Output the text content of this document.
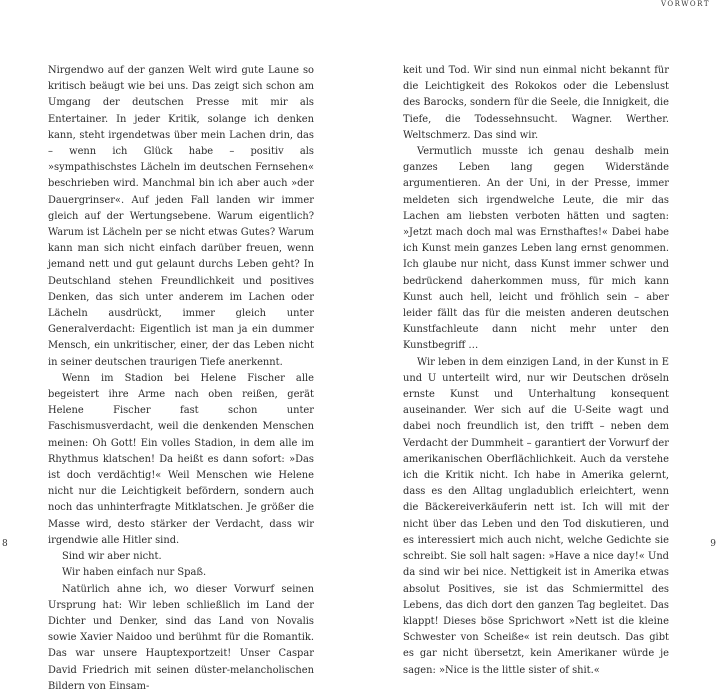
VORWORT

Nirgendwo auf der ganzen Welt wird gute Laune so kritisch beäugt wie bei uns. Das zeigt sich schon am Umgang der deutschen Presse mit mir als Entertainer. In jeder Kritik, solange ich denken kann, steht irgendetwas über mein Lachen drin, das – wenn ich Glück habe – positiv als »sympathischstes Lächeln im deutschen Fernsehen« beschrieben wird. Manchmal bin ich aber auch »der Dauergrinser«. Auf jeden Fall landen wir immer gleich auf der Wertungsebene. Warum eigentlich? Warum ist Lächeln per se nicht etwas Gutes? Warum kann man sich nicht einfach darüber freuen, wenn jemand nett und gut gelaunt durchs Leben geht? In Deutschland stehen Freundlichkeit und positives Denken, das sich unter anderem im Lachen oder Lächeln ausdrückt, immer gleich unter Generalverdacht: Eigentlich ist man ja ein dummer Mensch, ein unkritischer, einer, der das Leben nicht in seiner deutschen traurigen Tiefe anerkennt.

Wenn im Stadion bei Helene Fischer alle begeistert ihre Arme nach oben reißen, gerät Helene Fischer fast schon unter Faschismusverdacht, weil die denkenden Menschen meinen: Oh Gott! Ein volles Stadion, in dem alle im Rhythmus klatschen! Da heißt es dann sofort: »Das ist doch verdächtig!« Weil Menschen wie Helene nicht nur die Leichtigkeit befördern, sondern auch noch das unhinterfragte Mitklatschen. Je größer die Masse wird, desto stärker der Verdacht, dass wir irgendwie alle Hitler sind.

Sind wir aber nicht.

Wir haben einfach nur Spaß.

Natürlich ahne ich, wo dieser Vorwurf seinen Ursprung hat: Wir leben schließlich im Land der Dichter und Denker, sind das Land von Novalis sowie Xavier Naidoo und berühmt für die Romantik. Das war unsere Hauptexportzeit! Unser Caspar David Friedrich mit seinen düster-melancholischen Bildern von Einsam-

keit und Tod. Wir sind nun einmal nicht bekannt für die Leichtigkeit des Rokokos oder die Lebenslust des Barocks, sondern für die Seele, die Innigkeit, die Tiefe, die Todessehnsucht. Wagner. Werther. Weltschmerz. Das sind wir.

Vermutlich musste ich genau deshalb mein ganzes Leben lang gegen Widerstände argumentieren. An der Uni, in der Presse, immer meldeten sich irgendwelche Leute, die mir das Lachen am liebsten verboten hätten und sagten: »Jetzt mach doch mal was Ernsthaftes!« Dabei habe ich Kunst mein ganzes Leben lang ernst genommen. Ich glaube nur nicht, dass Kunst immer schwer und bedrückend daherkommen muss, für mich kann Kunst auch hell, leicht und fröhlich sein – aber leider fällt das für die meisten anderen deutschen Kunstfachleute dann nicht mehr unter den Kunstbegriff …

Wir leben in dem einzigen Land, in der Kunst in E und U unterteilt wird, nur wir Deutschen dröseln ernste Kunst und Unterhaltung konsequent auseinander. Wer sich auf die U-Seite wagt und dabei noch freundlich ist, den trifft – neben dem Verdacht der Dummheit – garantiert der Vorwurf der amerikanischen Oberflächlichkeit. Auch da verstehe ich die Kritik nicht. Ich habe in Amerika gelernt, dass es den Alltag ungladublich erleichtert, wenn die Bäckereiverkäuferin nett ist. Ich will mit der nicht über das Leben und den Tod diskutieren, und es interessiert mich auch nicht, welche Gedichte sie schreibt. Sie soll halt sagen: »Have a nice day!« Und da sind wir bei nice. Nettigkeit ist in Amerika etwas absolut Positives, sie ist das Schmiermittel des Lebens, das dich dort den ganzen Tag begleitet. Das klappt! Dieses böse Sprichwort »Nett ist die kleine Schwester von Scheiße« ist rein deutsch. Das gibt es gar nicht übersetzt, kein Amerikaner würde je sagen: »Nice is the little sister of shit.«

8	9
